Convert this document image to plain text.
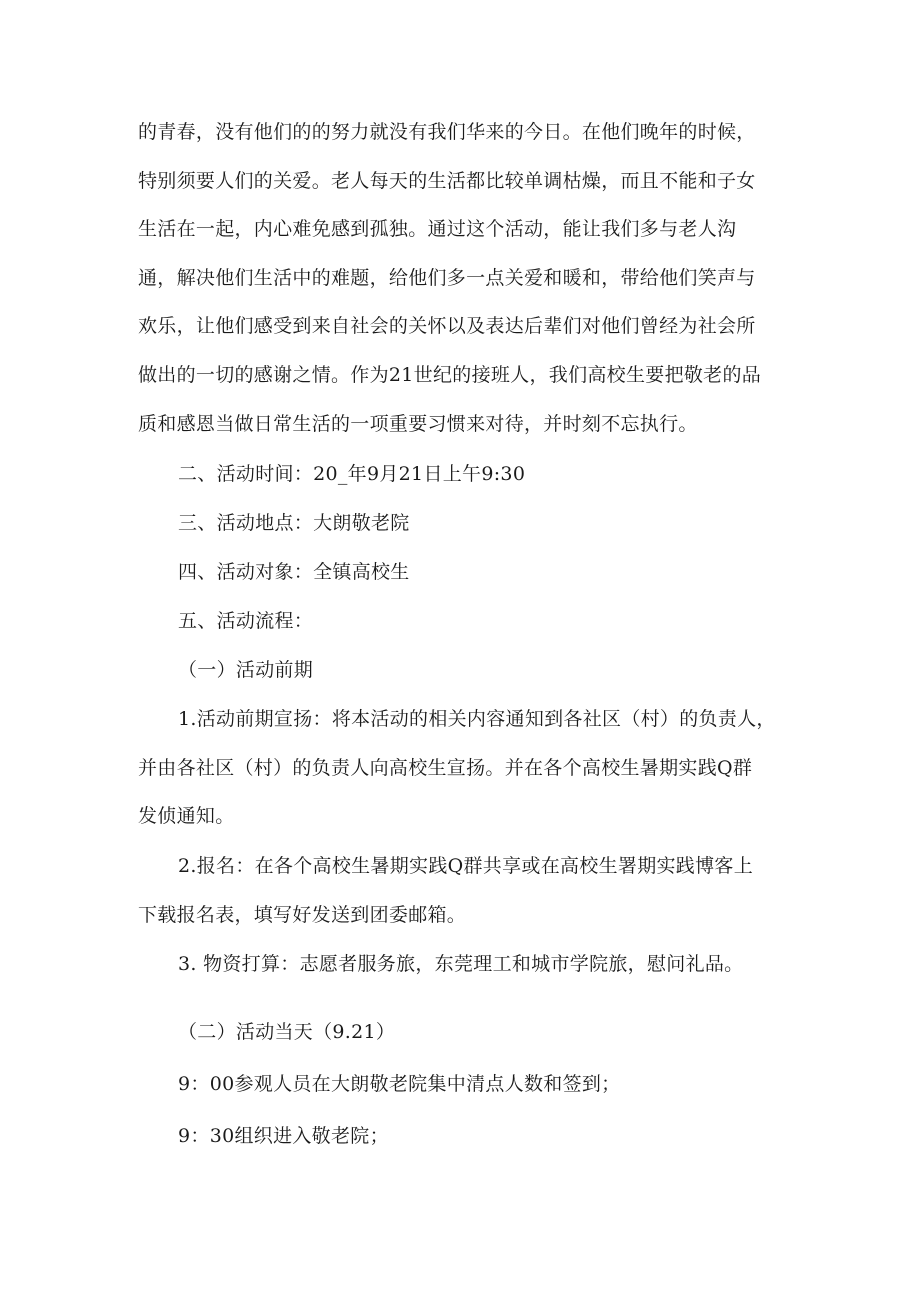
的青春，没有他们的的努力就没有我们华来的今日。在他们晚年的时候，
特别须要人们的关爱。老人每天的生活都比较单调枯燥，而且不能和子女
生活在一起，内心难免感到孤独。通过这个活动，能让我们多与老人沟
通，解决他们生活中的难题，给他们多一点关爱和暖和，带给他们笑声与
欢乐，让他们感受到来自社会的关怀以及表达后辈们对他们曾经为社会所
做出的一切的感谢之情。作为21世纪的接班人，我们高校生要把敬老的品
质和感恩当做日常生活的一项重要习惯来对待，并时刻不忘执行。
二、活动时间：20_年9月21日上午9:30
三、活动地点：大朗敬老院
四、活动对象：全镇高校生
五、活动流程：
（一）活动前期
1.活动前期宣扬：将本活动的相关内容通知到各社区（村）的负责人，
并由各社区（村）的负责人向高校生宣扬。并在各个高校生暑期实践Q群
发侦通知。
2.报名：在各个高校生暑期实践Q群共享或在高校生署期实践博客上
下载报名表，填写好发送到团委邮箱。
3. 物资打算：志愿者服务旅，东莞理工和城市学院旅，慰问礼品。
（二）活动当天（9.21）
9：00参观人员在大朗敬老院集中清点人数和签到；
9：30组织进入敬老院；
